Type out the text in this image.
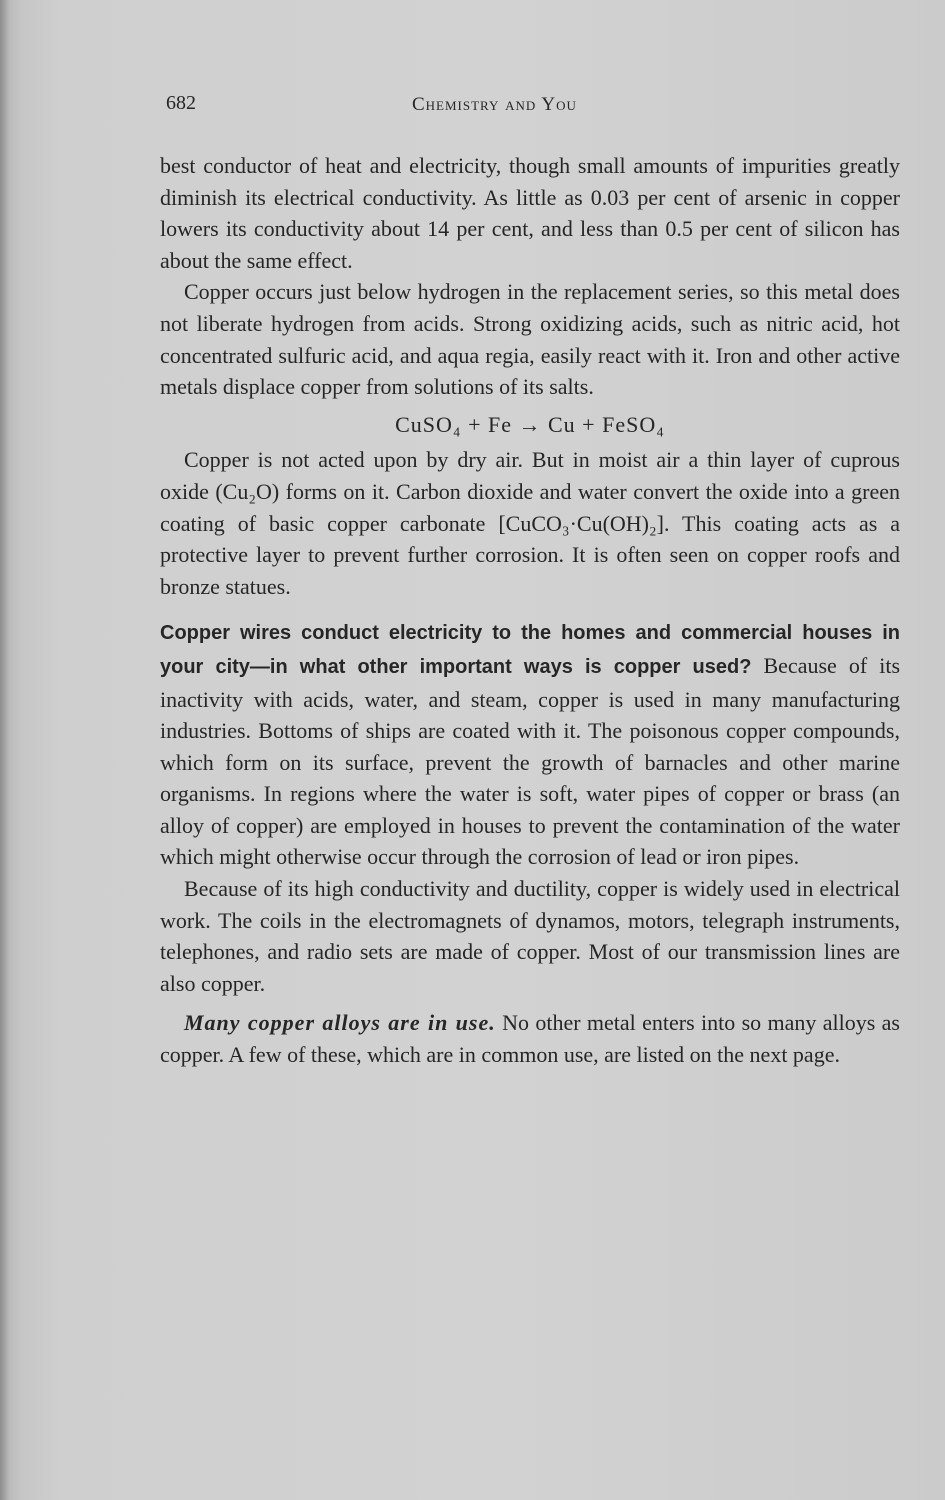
682	Chemistry and You

best conductor of heat and electricity, though small amounts of impurities greatly diminish its electrical conductivity. As little as 0.03 per cent of arsenic in copper lowers its conductivity about 14 per cent, and less than 0.5 per cent of silicon has about the same effect.

Copper occurs just below hydrogen in the replacement series, so this metal does not liberate hydrogen from acids. Strong oxidizing acids, such as nitric acid, hot concentrated sulfuric acid, and aqua regia, easily react with it. Iron and other active metals displace copper from solutions of its salts.

CuSO₄ + Fe → Cu + FeSO₄

Copper is not acted upon by dry air. But in moist air a thin layer of cuprous oxide (Cu₂O) forms on it. Carbon dioxide and water convert the oxide into a green coating of basic copper carbonate [CuCO₃·Cu(OH)₂]. This coating acts as a protective layer to prevent further corrosion. It is often seen on copper roofs and bronze statues.

Copper wires conduct electricity to the homes and commercial houses in your city—in what other important ways is copper used? Because of its inactivity with acids, water, and steam, copper is used in many manufacturing industries. Bottoms of ships are coated with it. The poisonous copper compounds, which form on its surface, prevent the growth of barnacles and other marine organisms. In regions where the water is soft, water pipes of copper or brass (an alloy of copper) are employed in houses to prevent the contamination of the water which might otherwise occur through the corrosion of lead or iron pipes.

Because of its high conductivity and ductility, copper is widely used in electrical work. The coils in the electromagnets of dynamos, motors, telegraph instruments, telephones, and radio sets are made of copper. Most of our transmission lines are also copper.

Many copper alloys are in use. No other metal enters into so many alloys as copper. A few of these, which are in common use, are listed on the next page.
